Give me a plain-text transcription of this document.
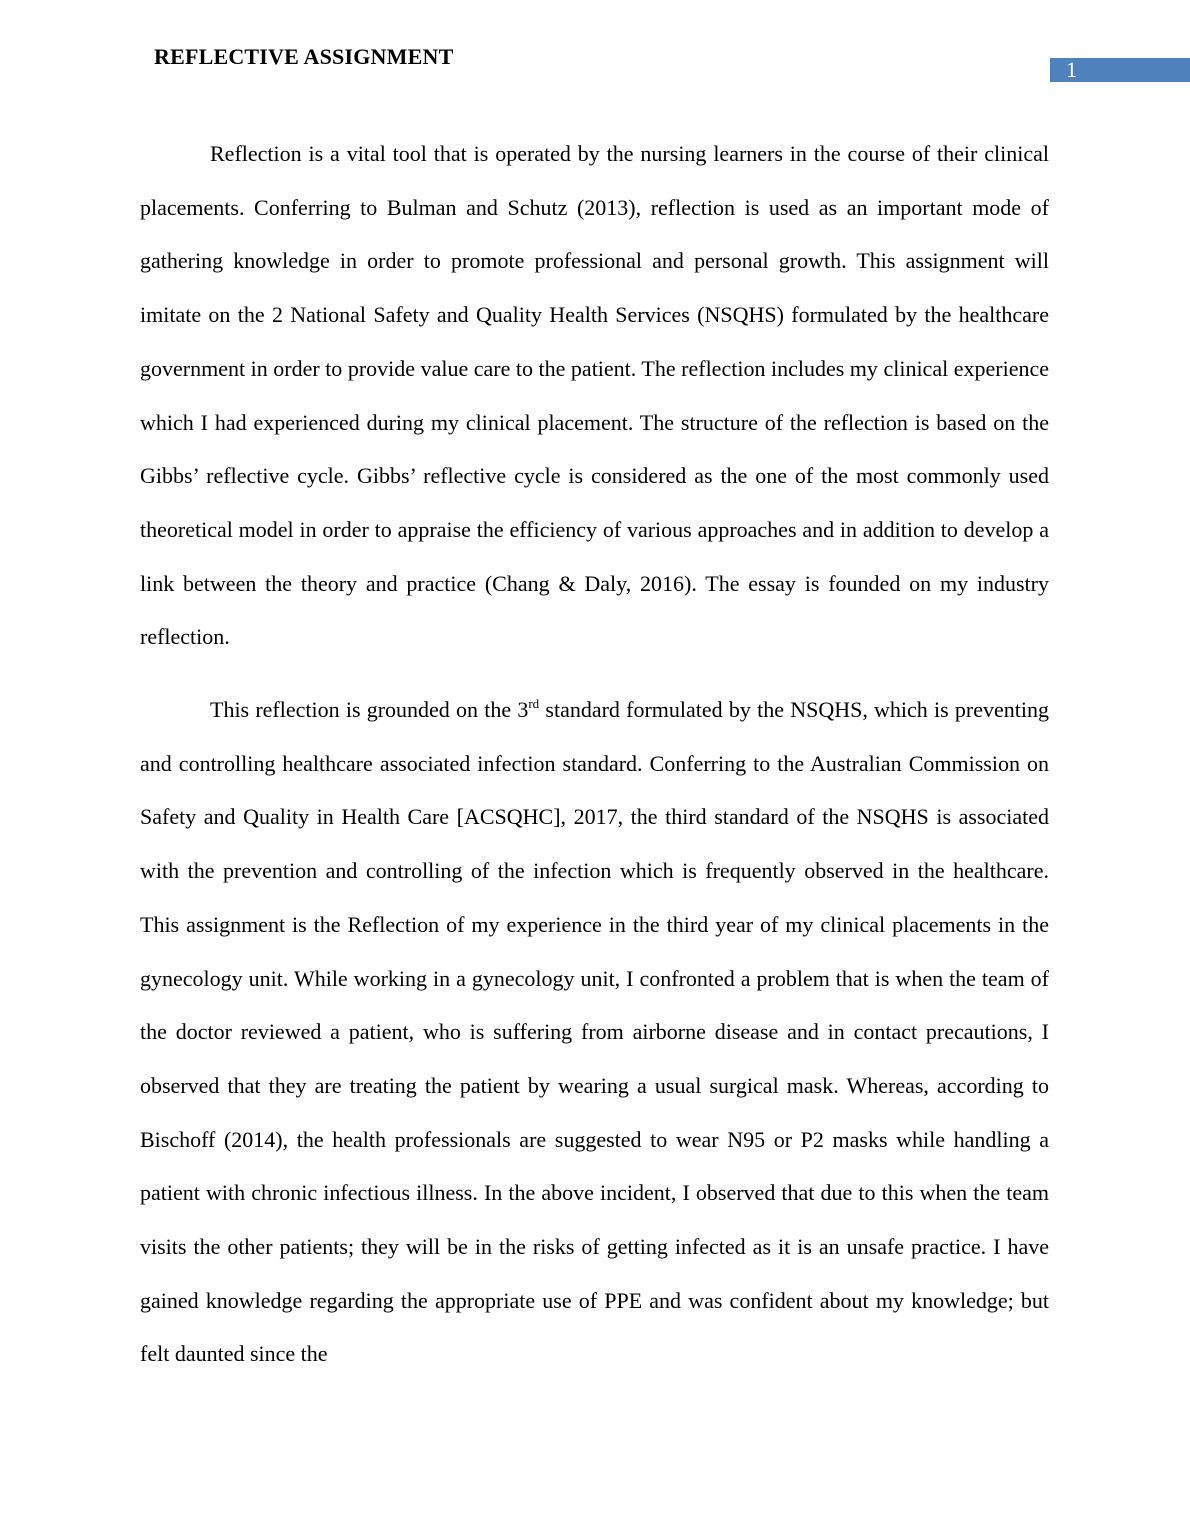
REFLECTIVE ASSIGNMENT
1

Reflection is a vital tool that is operated by the nursing learners in the course of their clinical placements. Conferring to Bulman and Schutz (2013), reflection is used as an important mode of gathering knowledge in order to promote professional and personal growth. This assignment will imitate on the 2 National Safety and Quality Health Services (NSQHS) formulated by the healthcare government in order to provide value care to the patient. The reflection includes my clinical experience which I had experienced during my clinical placement. The structure of the reflection is based on the Gibbs’ reflective cycle. Gibbs’ reflective cycle is considered as the one of the most commonly used theoretical model in order to appraise the efficiency of various approaches and in addition to develop a link between the theory and practice (Chang & Daly, 2016). The essay is founded on my industry reflection.

This reflection is grounded on the 3rd standard formulated by the NSQHS, which is preventing and controlling healthcare associated infection standard. Conferring to the Australian Commission on Safety and Quality in Health Care [ACSQHC], 2017, the third standard of the NSQHS is associated with the prevention and controlling of the infection which is frequently observed in the healthcare. This assignment is the Reflection of my experience in the third year of my clinical placements in the gynecology unit. While working in a gynecology unit, I confronted a problem that is when the team of the doctor reviewed a patient, who is suffering from airborne disease and in contact precautions, I observed that they are treating the patient by wearing a usual surgical mask. Whereas, according to Bischoff (2014), the health professionals are suggested to wear N95 or P2 masks while handling a patient with chronic infectious illness. In the above incident, I observed that due to this when the team visits the other patients; they will be in the risks of getting infected as it is an unsafe practice. I have gained knowledge regarding the appropriate use of PPE and was confident about my knowledge; but felt daunted since the
